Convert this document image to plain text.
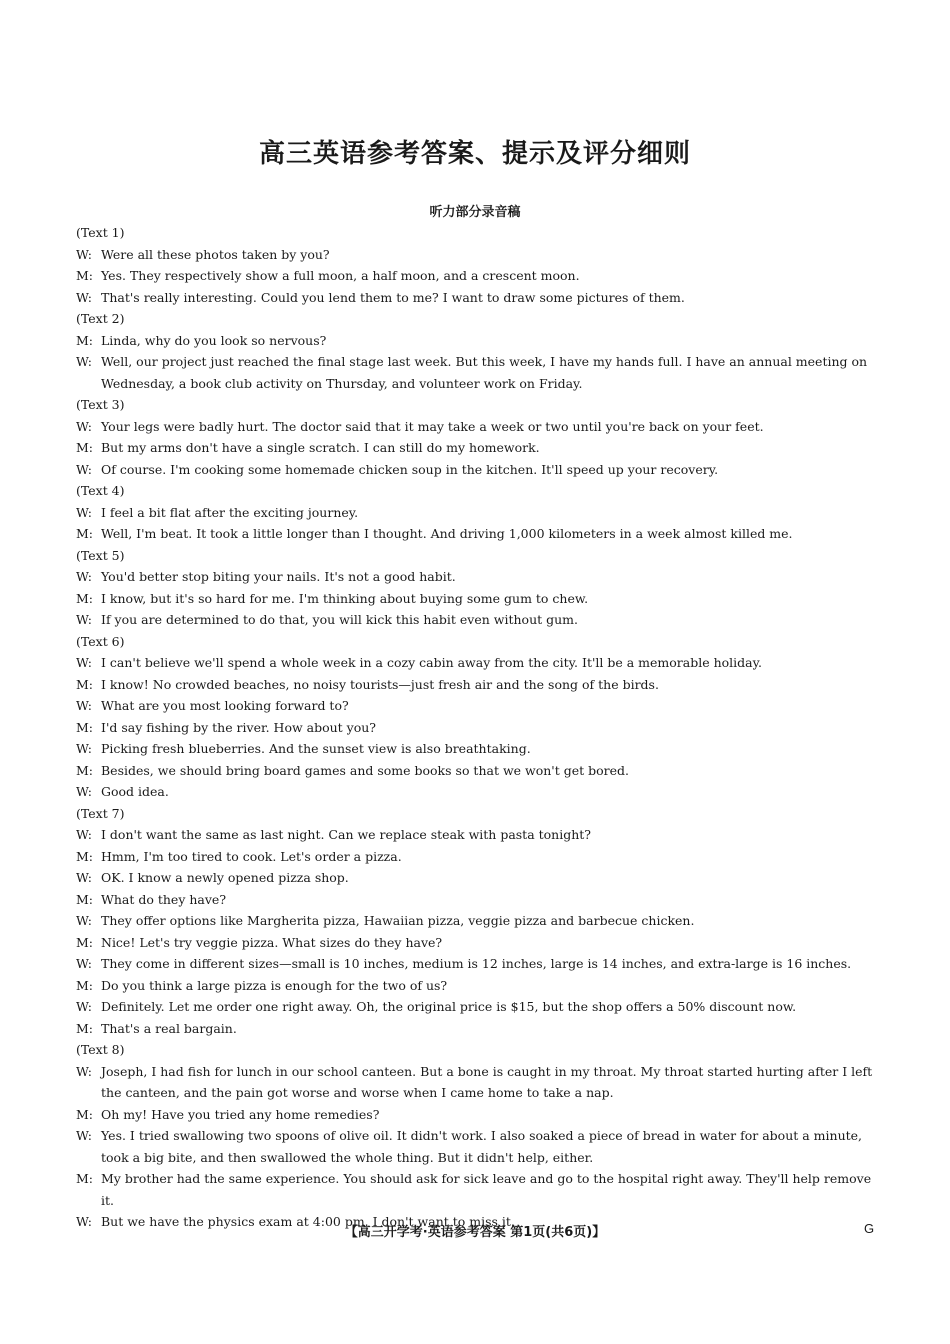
高三英语参考答案、提示及评分细则
听力部分录音稿
(Text 1)
W: Were all these photos taken by you?
M: Yes. They respectively show a full moon, a half moon, and a crescent moon.
W: That's really interesting. Could you lend them to me? I want to draw some pictures of them.
(Text 2)
M: Linda, why do you look so nervous?
W: Well, our project just reached the final stage last week. But this week, I have my hands full. I have an annual meeting on Wednesday, a book club activity on Thursday, and volunteer work on Friday.
(Text 3)
W: Your legs were badly hurt. The doctor said that it may take a week or two until you're back on your feet.
M: But my arms don't have a single scratch. I can still do my homework.
W: Of course. I'm cooking some homemade chicken soup in the kitchen. It'll speed up your recovery.
(Text 4)
W: I feel a bit flat after the exciting journey.
M: Well, I'm beat. It took a little longer than I thought. And driving 1,000 kilometers in a week almost killed me.
(Text 5)
W: You'd better stop biting your nails. It's not a good habit.
M: I know, but it's so hard for me. I'm thinking about buying some gum to chew.
W: If you are determined to do that, you will kick this habit even without gum.
(Text 6)
W: I can't believe we'll spend a whole week in a cozy cabin away from the city. It'll be a memorable holiday.
M: I know! No crowded beaches, no noisy tourists—just fresh air and the song of the birds.
W: What are you most looking forward to?
M: I'd say fishing by the river. How about you?
W: Picking fresh blueberries. And the sunset view is also breathtaking.
M: Besides, we should bring board games and some books so that we won't get bored.
W: Good idea.
(Text 7)
W: I don't want the same as last night. Can we replace steak with pasta tonight?
M: Hmm, I'm too tired to cook. Let's order a pizza.
W: OK. I know a newly opened pizza shop.
M: What do they have?
W: They offer options like Margherita pizza, Hawaiian pizza, veggie pizza and barbecue chicken.
M: Nice! Let's try veggie pizza. What sizes do they have?
W: They come in different sizes—small is 10 inches, medium is 12 inches, large is 14 inches, and extra-large is 16 inches.
M: Do you think a large pizza is enough for the two of us?
W: Definitely. Let me order one right away. Oh, the original price is $15, but the shop offers a 50% discount now.
M: That's a real bargain.
(Text 8)
W: Joseph, I had fish for lunch in our school canteen. But a bone is caught in my throat. My throat started hurting after I left the canteen, and the pain got worse and worse when I came home to take a nap.
M: Oh my! Have you tried any home remedies?
W: Yes. I tried swallowing two spoons of olive oil. It didn't work. I also soaked a piece of bread in water for about a minute, took a big bite, and then swallowed the whole thing. But it didn't help, either.
M: My brother had the same experience. You should ask for sick leave and go to the hospital right away. They'll help remove it.
W: But we have the physics exam at 4:00 pm. I don't want to miss it.
【高三开学考·英语参考答案 第1页(共6页)】	G
